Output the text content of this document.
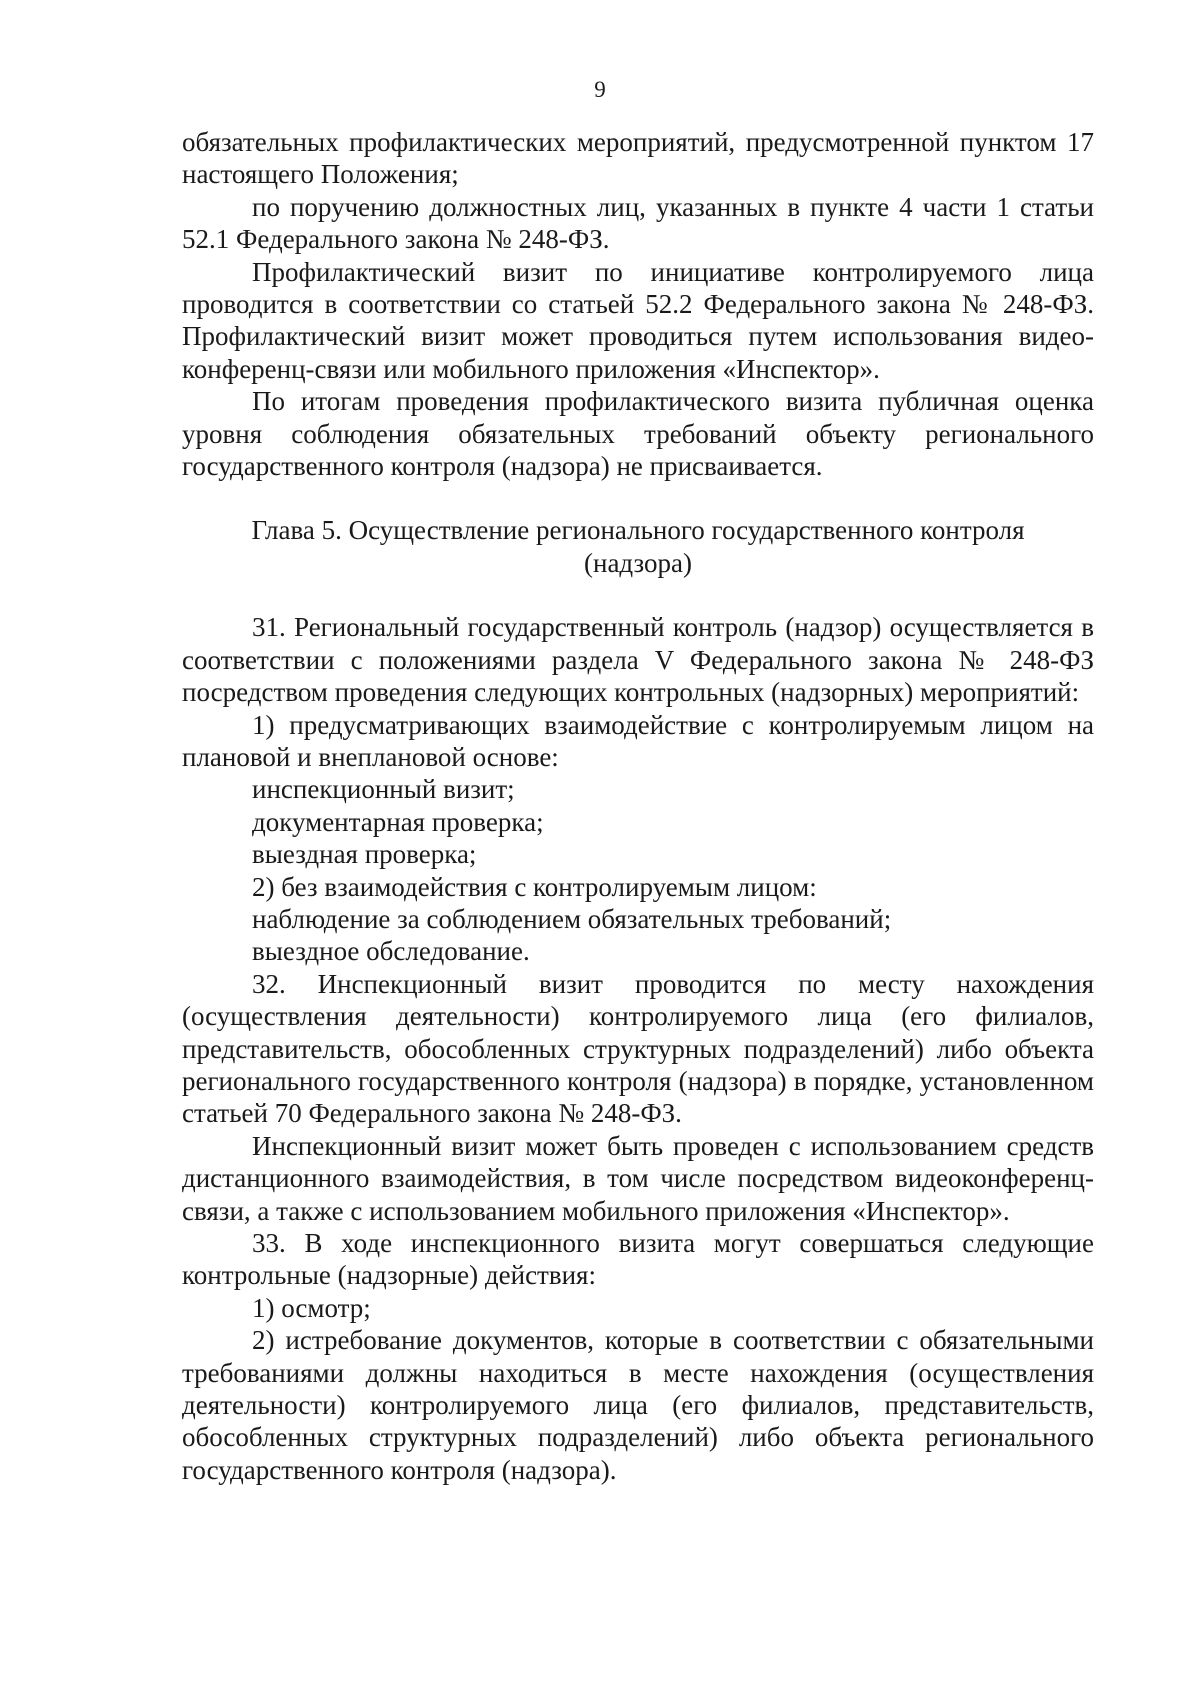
9

обязательных профилактических мероприятий, предусмотренной пунктом 17 настоящего Положения;

по поручению должностных лиц, указанных в пункте 4 части 1 статьи 52.1 Федерального закона № 248-ФЗ.

Профилактический визит по инициативе контролируемого лица проводится в соответствии со статьей 52.2 Федерального закона № 248-ФЗ. Профилактический визит может проводиться путем использования видео-конференц-связи или мобильного приложения «Инспектор».

По итогам проведения профилактического визита публичная оценка уровня соблюдения обязательных требований объекту регионального государственного контроля (надзора) не присваивается.

Глава 5. Осуществление регионального государственного контроля (надзора)

31. Региональный государственный контроль (надзор) осуществляется в соответствии с положениями раздела V Федерального закона № 248-ФЗ посредством проведения следующих контрольных (надзорных) мероприятий:

1) предусматривающих взаимодействие с контролируемым лицом на плановой и внеплановой основе:

инспекционный визит;

документарная проверка;

выездная проверка;

2) без взаимодействия с контролируемым лицом:

наблюдение за соблюдением обязательных требований;

выездное обследование.

32. Инспекционный визит проводится по месту нахождения (осуществления деятельности) контролируемого лица (его филиалов, представительств, обособленных структурных подразделений) либо объекта регионального государственного контроля (надзора) в порядке, установленном статьей 70 Федерального закона № 248-ФЗ.

Инспекционный визит может быть проведен с использованием средств дистанционного взаимодействия, в том числе посредством видеоконференц-связи, а также с использованием мобильного приложения «Инспектор».

33. В ходе инспекционного визита могут совершаться следующие контрольные (надзорные) действия:

1) осмотр;

2) истребование документов, которые в соответствии с обязательными требованиями должны находиться в месте нахождения (осуществления деятельности) контролируемого лица (его филиалов, представительств, обособленных структурных подразделений) либо объекта регионального государственного контроля (надзора).
